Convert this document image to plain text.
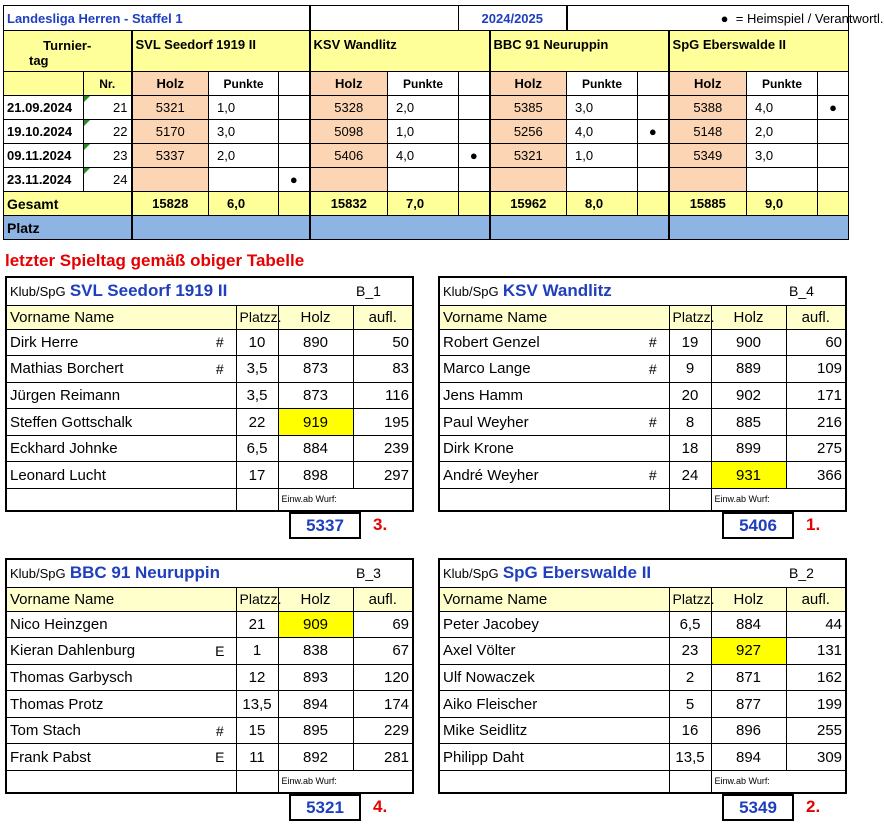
Landesliga Herren - Staffel 1							2024/2025		● = Heimspiel / Verantwortl.				

Turnier-
tag		SVL Seedorf 1919 II			KSV Wandlitz			BBC 91 Neuruppin			SpG Eberswalde II		
	Nr.	Holz	Punkte		Holz	Punkte		Holz	Punkte		Holz	Punkte	
21.09.2024	21	5321	1,0		5328	2,0		5385	3,0		5388	4,0	●
19.10.2024	22	5170	3,0		5098	1,0		5256	4,0	●	5148	2,0	
09.11.2024	23	5337	2,0		5406	4,0	●	5321	1,0		5349	3,0	
23.11.2024	24			●									
Gesamt		15828	6,0		15832	7,0		15962	8,0		15885	9,0	
Platz													
letzter Spieltag gemäß obiger Tabelle
Klub/SpG SVL Seedorf 1919 II				B_1
Vorname Name		Platzz.	Holz	aufl.
Dirk Herre	#	10	890	50
Mathias Borchert	#	3,5	873	83
Jürgen Reimann		3,5	873	116
Steffen Gottschalk		22	919	195
Eckhard Johnke		6,5	884	239
Leonard Lucht		17	898	297
			Einw.ab Wurf:	
5337	3.
Klub/SpG KSV Wandlitz				B_4
Vorname Name		Platzz.	Holz	aufl.
Robert Genzel	#	19	900	60
Marco Lange	#	9	889	109
Jens Hamm		20	902	171
Paul Weyher	#	8	885	216
Dirk Krone		18	899	275
André Weyher	#	24	931	366
			Einw.ab Wurf:	
5406	1.
Klub/SpG BBC 91 Neuruppin				B_3
Vorname Name		Platzz.	Holz	aufl.
Nico Heinzgen		21	909	69
Kieran Dahlenburg	E	1	838	67
Thomas Garbysch		12	893	120
Thomas Protz		13,5	894	174
Tom Stach	#	15	895	229
Frank Pabst	E	11	892	281
			Einw.ab Wurf:	
5321	4.
Klub/SpG SpG Eberswalde II				B_2
Vorname Name		Platzz.	Holz	aufl.
Peter Jacobey		6,5	884	44
Axel Völter		23	927	131
Ulf Nowaczek		2	871	162
Aiko Fleischer		5	877	199
Mike Seidlitz		16	896	255
Philipp Daht		13,5	894	309
			Einw.ab Wurf:	
5349	2.
